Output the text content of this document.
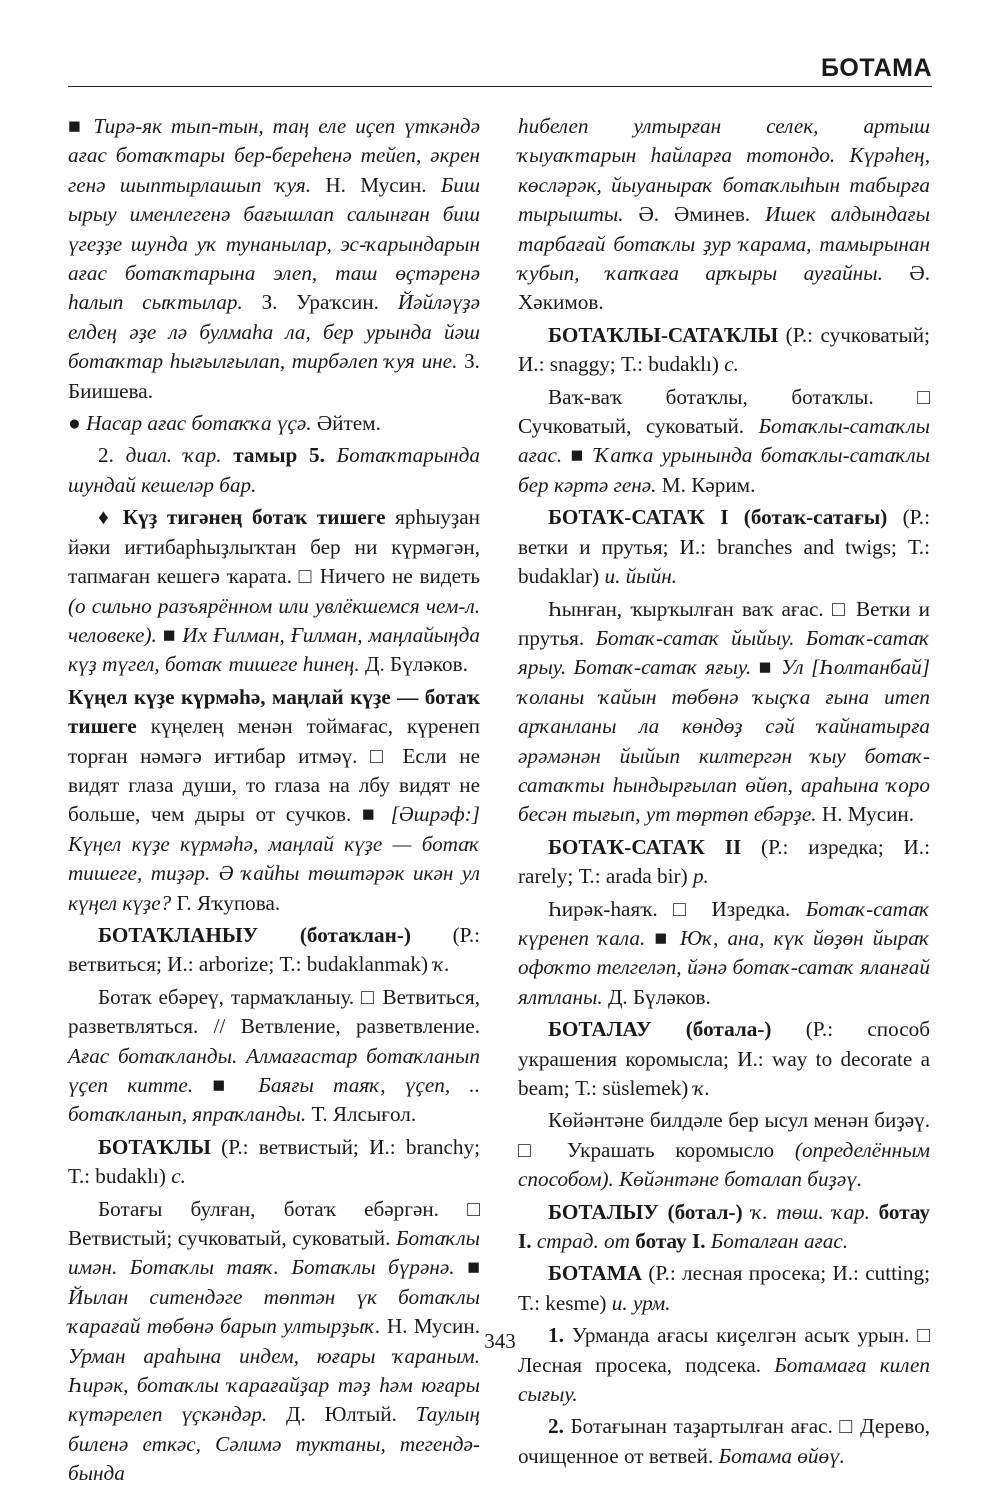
БОТАМА

■ Тирә-як тып-тын, таң еле иҫеп үткәндә ағас ботаҡтары бер-береһенә тейеп, әкрен генә шыптырлашып ҡуя. Н. Мусин. Биш ырыу именлегенә бағышлап салынған биш үгеҙҙе шунда уҡ тунанылар, эс-ҡарындарын ағас ботаҡтарына элеп, таш өҫтәренә һалып сыҡтылар. З. Ураҡсин. Йәйләүҙә елдең әҙе лә булмаһа ла, бер урында йәш ботаҡтар һығылғылап, тирбәлеп ҡуя ине. З. Биишева.

● Насар ағас ботаҡҡа үҫә. Әйтем.

2. диал. ҡар. тамыр 5. Ботаҡтарында шундай кешеләр бар.

♦ Күҙ тигәнең ботаҡ тишеге ярһыуҙан йәки иғтибарһыҙлыҡтан бер ни күрмәгән, тапмаған кешегә ҡарата. □ Ничего не видеть (о сильно разъярённом или увлёкшемся чем-л. человеке). ■ Их Ғилман, Ғилман, маңлайыңда күҙ түгел, ботаҡ тишеге һинең. Д. Бүләков.

Күңел күҙе күрмәһә, маңлай күҙе — ботаҡ тишеге күңелең менән тоймағас, күренеп торған нәмәгә иғтибар итмәү. □ Если не видят глаза души, то глаза на лбу видят не больше, чем дыры от сучков. ■ [Әшрәф:] Күңел күҙе күрмәһә, маңлай күҙе — ботаҡ тишеге, тиҙәр. Ә ҡайһы төштәрәк икән ул күңел күҙе? Г. Яҡупова.

БОТАҠЛАНЫУ (ботаҡлан-) (Р.: ветвиться; И.: arborize; Т.: budaklanmak) ҡ.

Ботаҡ ебәреү, тармаҡланыу. □ Ветвиться, разветвляться. // Ветвление, разветвление. Ағас ботаҡланды. Алмағастар ботаҡланып үҫеп китте. ■ Баяғы таяҡ, үҫеп, .. ботаҡланып, япраҡланды. Т. Ялсығол.

БОТАҠЛЫ (Р.: ветвистый; И.: branchy; Т.: budaklı) с.

Ботағы булған, ботаҡ ебәргән. □ Ветвистый; сучковатый, суковатый. Ботаҡлы имән. Ботаҡлы таяҡ. Ботаҡлы бүрәнә. ■ Йылан ситендәге төптән үк ботаҡлы ҡарағай төбөнә барып ултырҙыҡ. Н. Мусин. Урман араһына индем, юғары ҡараным. Һирәк, ботаҡлы ҡарағайҙар тәҙ һәм юғары күтәрелеп үҫкәндәр. Д. Юлтый. Таулың биленә еткәс, Сәлимә туктаны, тегендә-бында

һибелеп ултырған селек, артыш ҡыуаҡтарын һайларға тотондо. Күрәһең, көсләрәк, йыуаныраҡ ботаҡлыһын табырға тырышты. Ә. Әминев. Ишек алдындағы тарбағай ботаҡлы ҙур ҡарама, тамырынан ҡубып, ҡапҡаға арҡыры ауғайны. Ә. Хәкимов.

БОТАҠЛЫ-САТАҠЛЫ (Р.: сучковатый; И.: snaggy; Т.: budaklı) с.

Ваҡ-ваҡ ботаҡлы, ботаҡлы. □ Сучковатый, суковатый. Ботаҡлы-сатаҡлы ағас. ■ Ҡапҡа урынында ботаҡлы-сатаҡлы бер кәртә генә. М. Кәрим.

БОТАҠ-САТАҠ I (ботаҡ-сатағы) (Р.: ветки и прутья; И.: branches and twigs; Т.: budaklar) и. йыйн.

Һынған, ҡырҡылған ваҡ ағас. □ Ветки и прутья. Ботаҡ-сатаҡ йыйыу. Ботаҡ-сатаҡ ярыу. Ботаҡ-сатаҡ яғыу. ■ Ул [Һолтанбай] ҡоланы ҡайын төбөнә ҡыҫҡа ғына итеп арҡанланы ла көндөҙ сәй ҡайнатырға әрәмәнән йыйып килтергән ҡыу ботаҡ-сатаҡты һындырғылап өйөп, араһына ҡоро бесән тығып, ут төртөп ебәрҙе. Н. Мусин.

БОТАҠ-САТАҠ II (Р.: изредка; И.: rarely; Т.: arada bir) р.

Һирәк-һаяҡ. □ Изредка. Ботаҡ-сатаҡ күренеп ҡала. ■ Юҡ, ана, күк йөҙөн йыраҡ офоҡто телгеләп, йәнә ботаҡ-сатаҡ яланғай ялтланы. Д. Бүләков.

БОТАЛАУ (ботала-) (Р.: способ украшения коромысла; И.: way to decorate a beam; Т.: süslemek) ҡ.

Көйәнтәне билдәле бер ысул менән биҙәү. □ Украшать коромысло (определённым способом). Көйәнтәне боталап биҙәү.

БОТАЛЫУ (ботал-) ҡ. төш. ҡар. ботау I. страд. от ботау I. Боталған ағас.

БОТАМА (Р.: лесная просека; И.: cutting; Т.: kesme) и. урм.

1. Урманда ағасы киҫелгән асыҡ урын. □ Лесная просека, подсека. Ботамаға килеп сығыу.

2. Ботағынан таҙартылған ағас. □ Дерево, очищенное от ветвей. Ботама өйөү.

343
